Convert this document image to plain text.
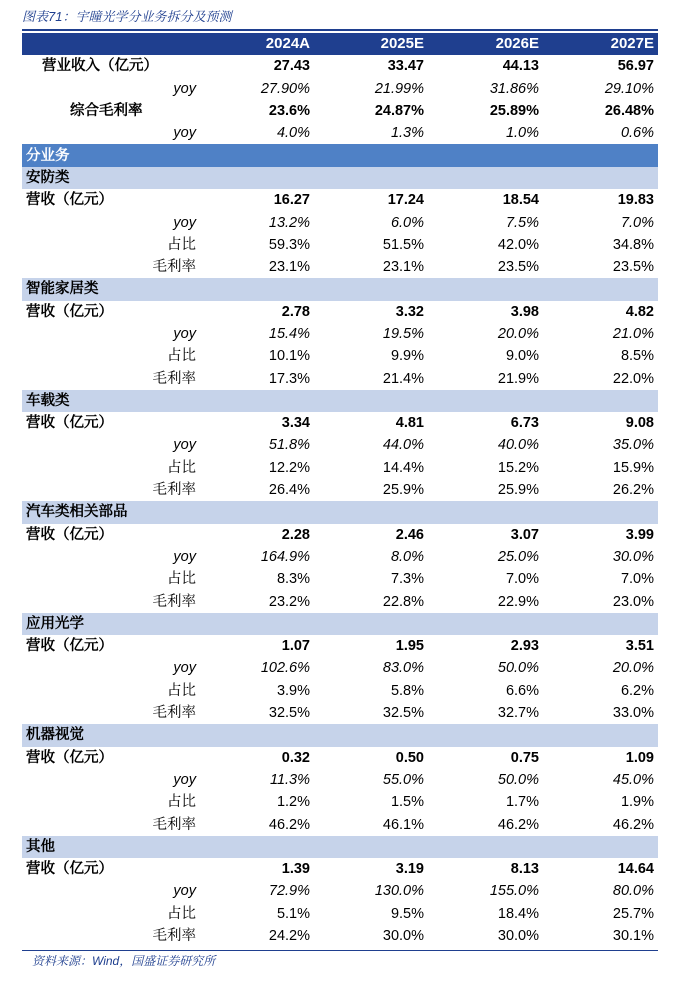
图表71：宇瞳光学分业务拆分及预测
	2024A	2025E	2026E	2027E
营业收入（亿元）	27.43	33.47	44.13	56.97
yoy	27.90%	21.99%	31.86%	29.10%
综合毛利率	23.6%	24.87%	25.89%	26.48%
yoy	4.0%	1.3%	1.0%	0.6%
分业务				
安防类				
营收（亿元）	16.27	17.24	18.54	19.83
yoy	13.2%	6.0%	7.5%	7.0%
占比	59.3%	51.5%	42.0%	34.8%
毛利率	23.1%	23.1%	23.5%	23.5%
智能家居类				
营收（亿元）	2.78	3.32	3.98	4.82
yoy	15.4%	19.5%	20.0%	21.0%
占比	10.1%	9.9%	9.0%	8.5%
毛利率	17.3%	21.4%	21.9%	22.0%
车载类				
营收（亿元）	3.34	4.81	6.73	9.08
yoy	51.8%	44.0%	40.0%	35.0%
占比	12.2%	14.4%	15.2%	15.9%
毛利率	26.4%	25.9%	25.9%	26.2%
汽车类相关部品				
营收（亿元）	2.28	2.46	3.07	3.99
yoy	164.9%	8.0%	25.0%	30.0%
占比	8.3%	7.3%	7.0%	7.0%
毛利率	23.2%	22.8%	22.9%	23.0%
应用光学				
营收（亿元）	1.07	1.95	2.93	3.51
yoy	102.6%	83.0%	50.0%	20.0%
占比	3.9%	5.8%	6.6%	6.2%
毛利率	32.5%	32.5%	32.7%	33.0%
机器视觉				
营收（亿元）	0.32	0.50	0.75	1.09
yoy	11.3%	55.0%	50.0%	45.0%
占比	1.2%	1.5%	1.7%	1.9%
毛利率	46.2%	46.1%	46.2%	46.2%
其他				
营收（亿元）	1.39	3.19	8.13	14.64
yoy	72.9%	130.0%	155.0%	80.0%
占比	5.1%	9.5%	18.4%	25.7%
毛利率	24.2%	30.0%	30.0%	30.1%
资料来源：Wind，国盛证券研究所
